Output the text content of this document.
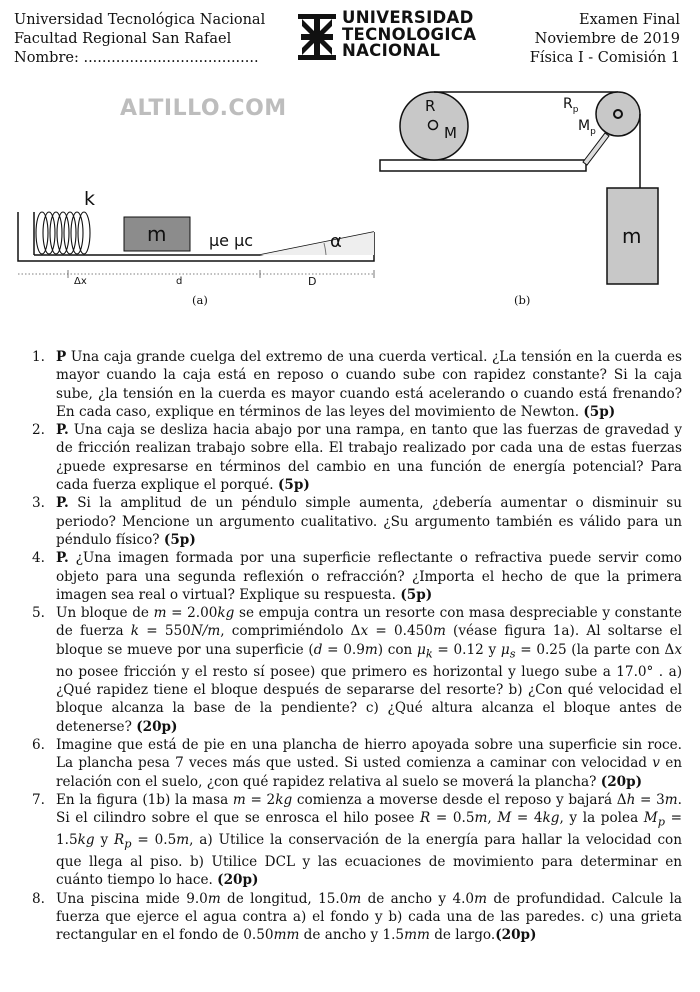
Universidad Tecnológica Nacional
Facultad Regional San Rafael
Nombre: ......................................
UNIVERSIDAD
TECNOLOGICA
NACIONAL
Examen Final
Noviembre de 2019
Física I - Comisión 1
ALTILLO.COM
k
m	μe μc	α
Δx	d	D
(a)
R
M
$R_p$
$M_p$
m
(b)
1. P Una caja grande cuelga del extremo de una cuerda vertical. ¿La tensión en la cuerda es mayor cuando la caja está en reposo o cuando sube con rapidez constante? Si la caja sube, ¿la tensión en la cuerda es mayor cuando está acelerando o cuando está frenando? En cada caso, explique en términos de las leyes del movimiento de Newton. (5p)
2. P. Una caja se desliza hacia abajo por una rampa, en tanto que las fuerzas de gravedad y de fricción realizan trabajo sobre ella. El trabajo realizado por cada una de estas fuerzas ¿puede expresarse en términos del cambio en una función de energía potencial? Para cada fuerza explique el porqué. (5p)
3. P. Si la amplitud de un péndulo simple aumenta, ¿debería aumentar o disminuir su periodo? Mencione un argumento cualitativo. ¿Su argumento también es válido para un péndulo físico? (5p)
4. P. ¿Una imagen formada por una superficie reflectante o refractiva puede servir como objeto para una segunda reflexión o refracción? ¿Importa el hecho de que la primera imagen sea real o virtual? Explique su respuesta. (5p)
5. Un bloque de m = 2.00kg se empuja contra un resorte con masa despreciable y constante de fuerza k = 550N/m, comprimiéndolo Δx = 0.450m (véase figura 1a). Al soltarse el bloque se mueve por una superficie (d = 0.9m) con $\mu_k = 0.12$ y $\mu_s = 0.25$ (la parte con Δx no posee fricción y el resto sí posee) que primero es horizontal y luego sube a 17.0° . a) ¿Qué rapidez tiene el bloque después de separarse del resorte? b) ¿Con qué velocidad el bloque alcanza la base de la pendiente? c) ¿Qué altura alcanza el bloque antes de detenerse? (20p)
6. Imagine que está de pie en una plancha de hierro apoyada sobre una superficie sin roce. La plancha pesa 7 veces más que usted. Si usted comienza a caminar con velocidad v en relación con el suelo, ¿con qué rapidez relativa al suelo se moverá la plancha? (20p)
7. En la figura (1b) la masa m = 2kg comienza a moverse desde el reposo y bajará Δh = 3m. Si el cilindro sobre el que se enrosca el hilo posee R = 0.5m, M = 4kg, y la polea $M_p = 1.5kg$ y $R_p = 0.5m$, a) Utilice la conservación de la energía para hallar la velocidad con que llega al piso. b) Utilice DCL y las ecuaciones de movimiento para determinar en cuánto tiempo lo hace. (20p)
8. Una piscina mide 9.0m de longitud, 15.0m de ancho y 4.0m de profundidad. Calcule la fuerza que ejerce el agua contra a) el fondo y b) cada una de las paredes. c) una grieta rectangular en el fondo de 0.50mm de ancho y 1.5mm de largo.(20p)
